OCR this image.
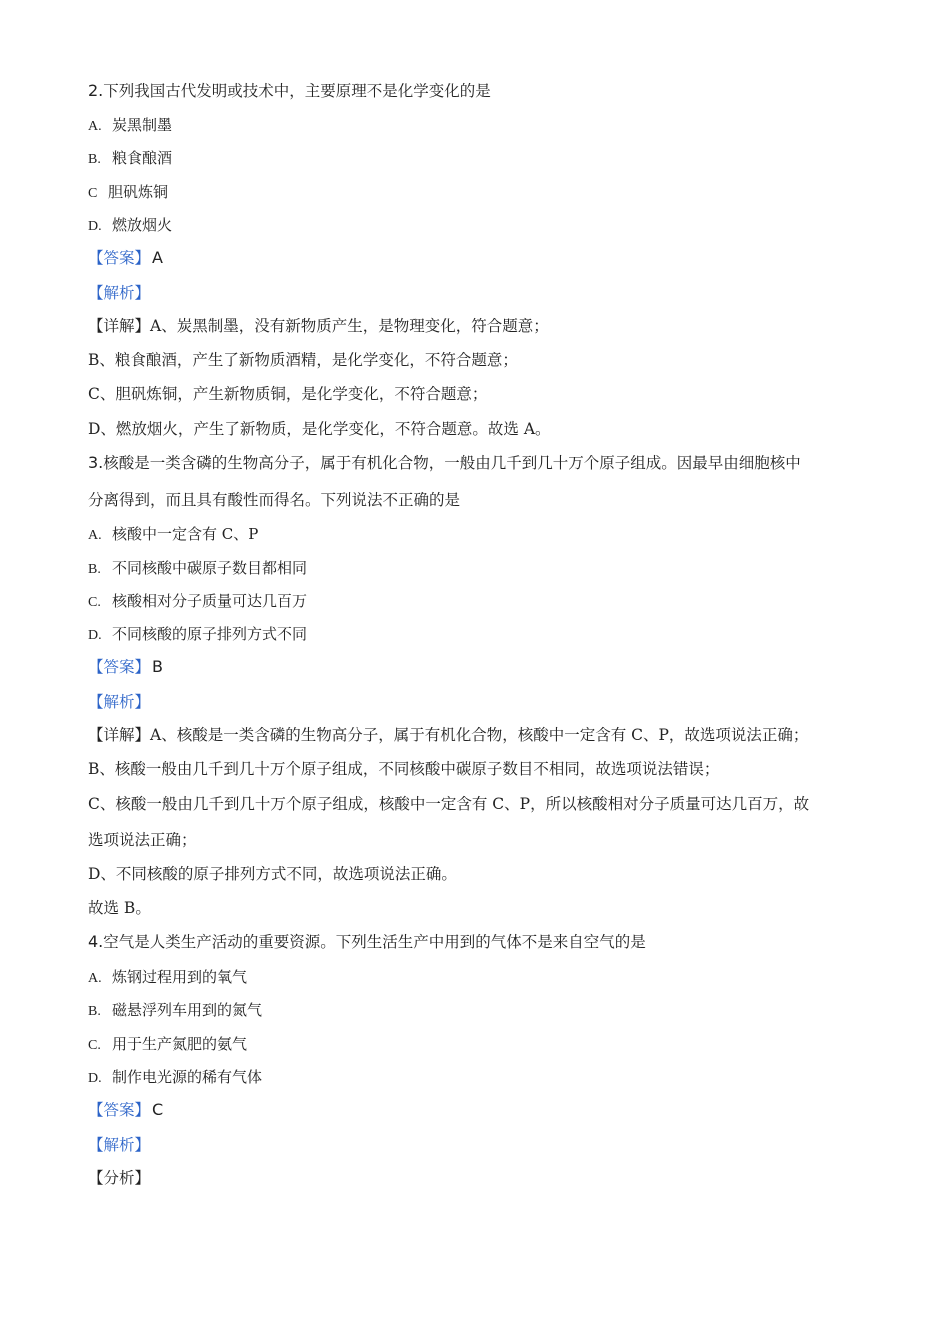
2.下列我国古代发明或技术中，主要原理不是化学变化的是
A. 炭黑制墨
B. 粮食酿酒
C 胆矾炼铜
D. 燃放烟火
【答案】 A
【解析】
【详解】A、炭黑制墨，没有新物质产生，是物理变化，符合题意；
B、粮食酿酒，产生了新物质酒精，是化学变化，不符合题意；
C、胆矾炼铜，产生新物质铜，是化学变化，不符合题意；
D、燃放烟火，产生了新物质，是化学变化，不符合题意。故选 A。
3.核酸是一类含磷的生物高分子，属于有机化合物，一般由几千到几十万个原子组成。因最早由细胞核中
分离得到，而且具有酸性而得名。下列说法不正确的是
A. 核酸中一定含有 C、P
B. 不同核酸中碳原子数目都相同
C. 核酸相对分子质量可达几百万
D. 不同核酸的原子排列方式不同
【答案】 B
【解析】
【详解】A、核酸是一类含磷的生物高分子，属于有机化合物，核酸中一定含有 C、P，故选项说法正确；
B、核酸一般由几千到几十万个原子组成，不同核酸中碳原子数目不相同，故选项说法错误；
C、核酸一般由几千到几十万个原子组成，核酸中一定含有 C、P，所以核酸相对分子质量可达几百万，故
选项说法正确；
D、不同核酸的原子排列方式不同，故选项说法正确。
故选 B。
4.空气是人类生产活动的重要资源。下列生活生产中用到的气体不是来自空气的是
A. 炼钢过程用到的氧气
B. 磁悬浮列车用到的氮气
C. 用于生产氮肥的氨气
D. 制作电光源的稀有气体
【答案】 C
【解析】
【分析】
